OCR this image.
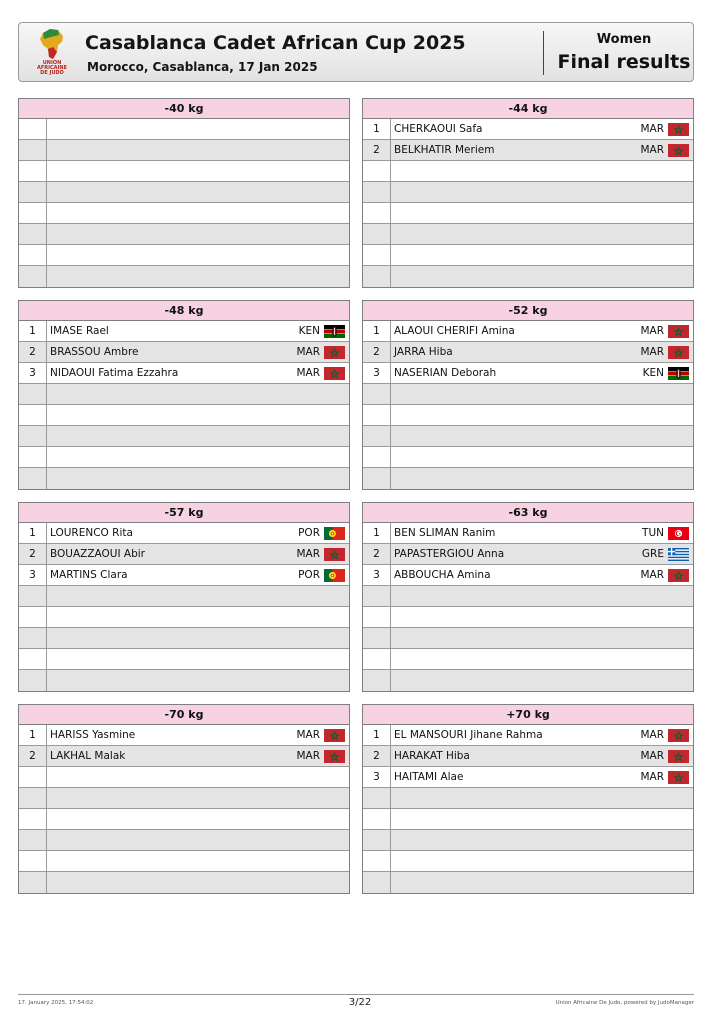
UNION
AFRICAINE
DE JUDO
Casablanca Cadet African Cup 2025
Morocco, Casablanca, 17 Jan 2025
Women
Final results
-40 kg	-44 kg
1	CHERKAOUI Safa	MAR
2	BELKHATIR Meriem	MAR
-48 kg
1	IMASE Rael	KEN
2	BRASSOU Ambre	MAR
3	NIDAOUI Fatima Ezzahra	MAR
-52 kg
1	ALAOUI CHERIFI Amina	MAR
2	JARRA Hiba	MAR
3	NASERIAN Deborah	KEN
-57 kg
1	LOURENCO Rita	POR
2	BOUAZZAOUI Abir	MAR
3	MARTINS Clara	POR
-63 kg
1	BEN SLIMAN Ranim	TUN
2	PAPASTERGIOU Anna	GRE
3	ABBOUCHA Amina	MAR
-70 kg
1	HARISS Yasmine	MAR
2	LAKHAL Malak	MAR
+70 kg
1	EL MANSOURI Jihane Rahma	MAR
2	HARAKAT Hiba	MAR
3	HAITAMI Alae	MAR
17. January 2025, 17:54:02	3/22	Union Africaine De Judo, powered by JudoManager
